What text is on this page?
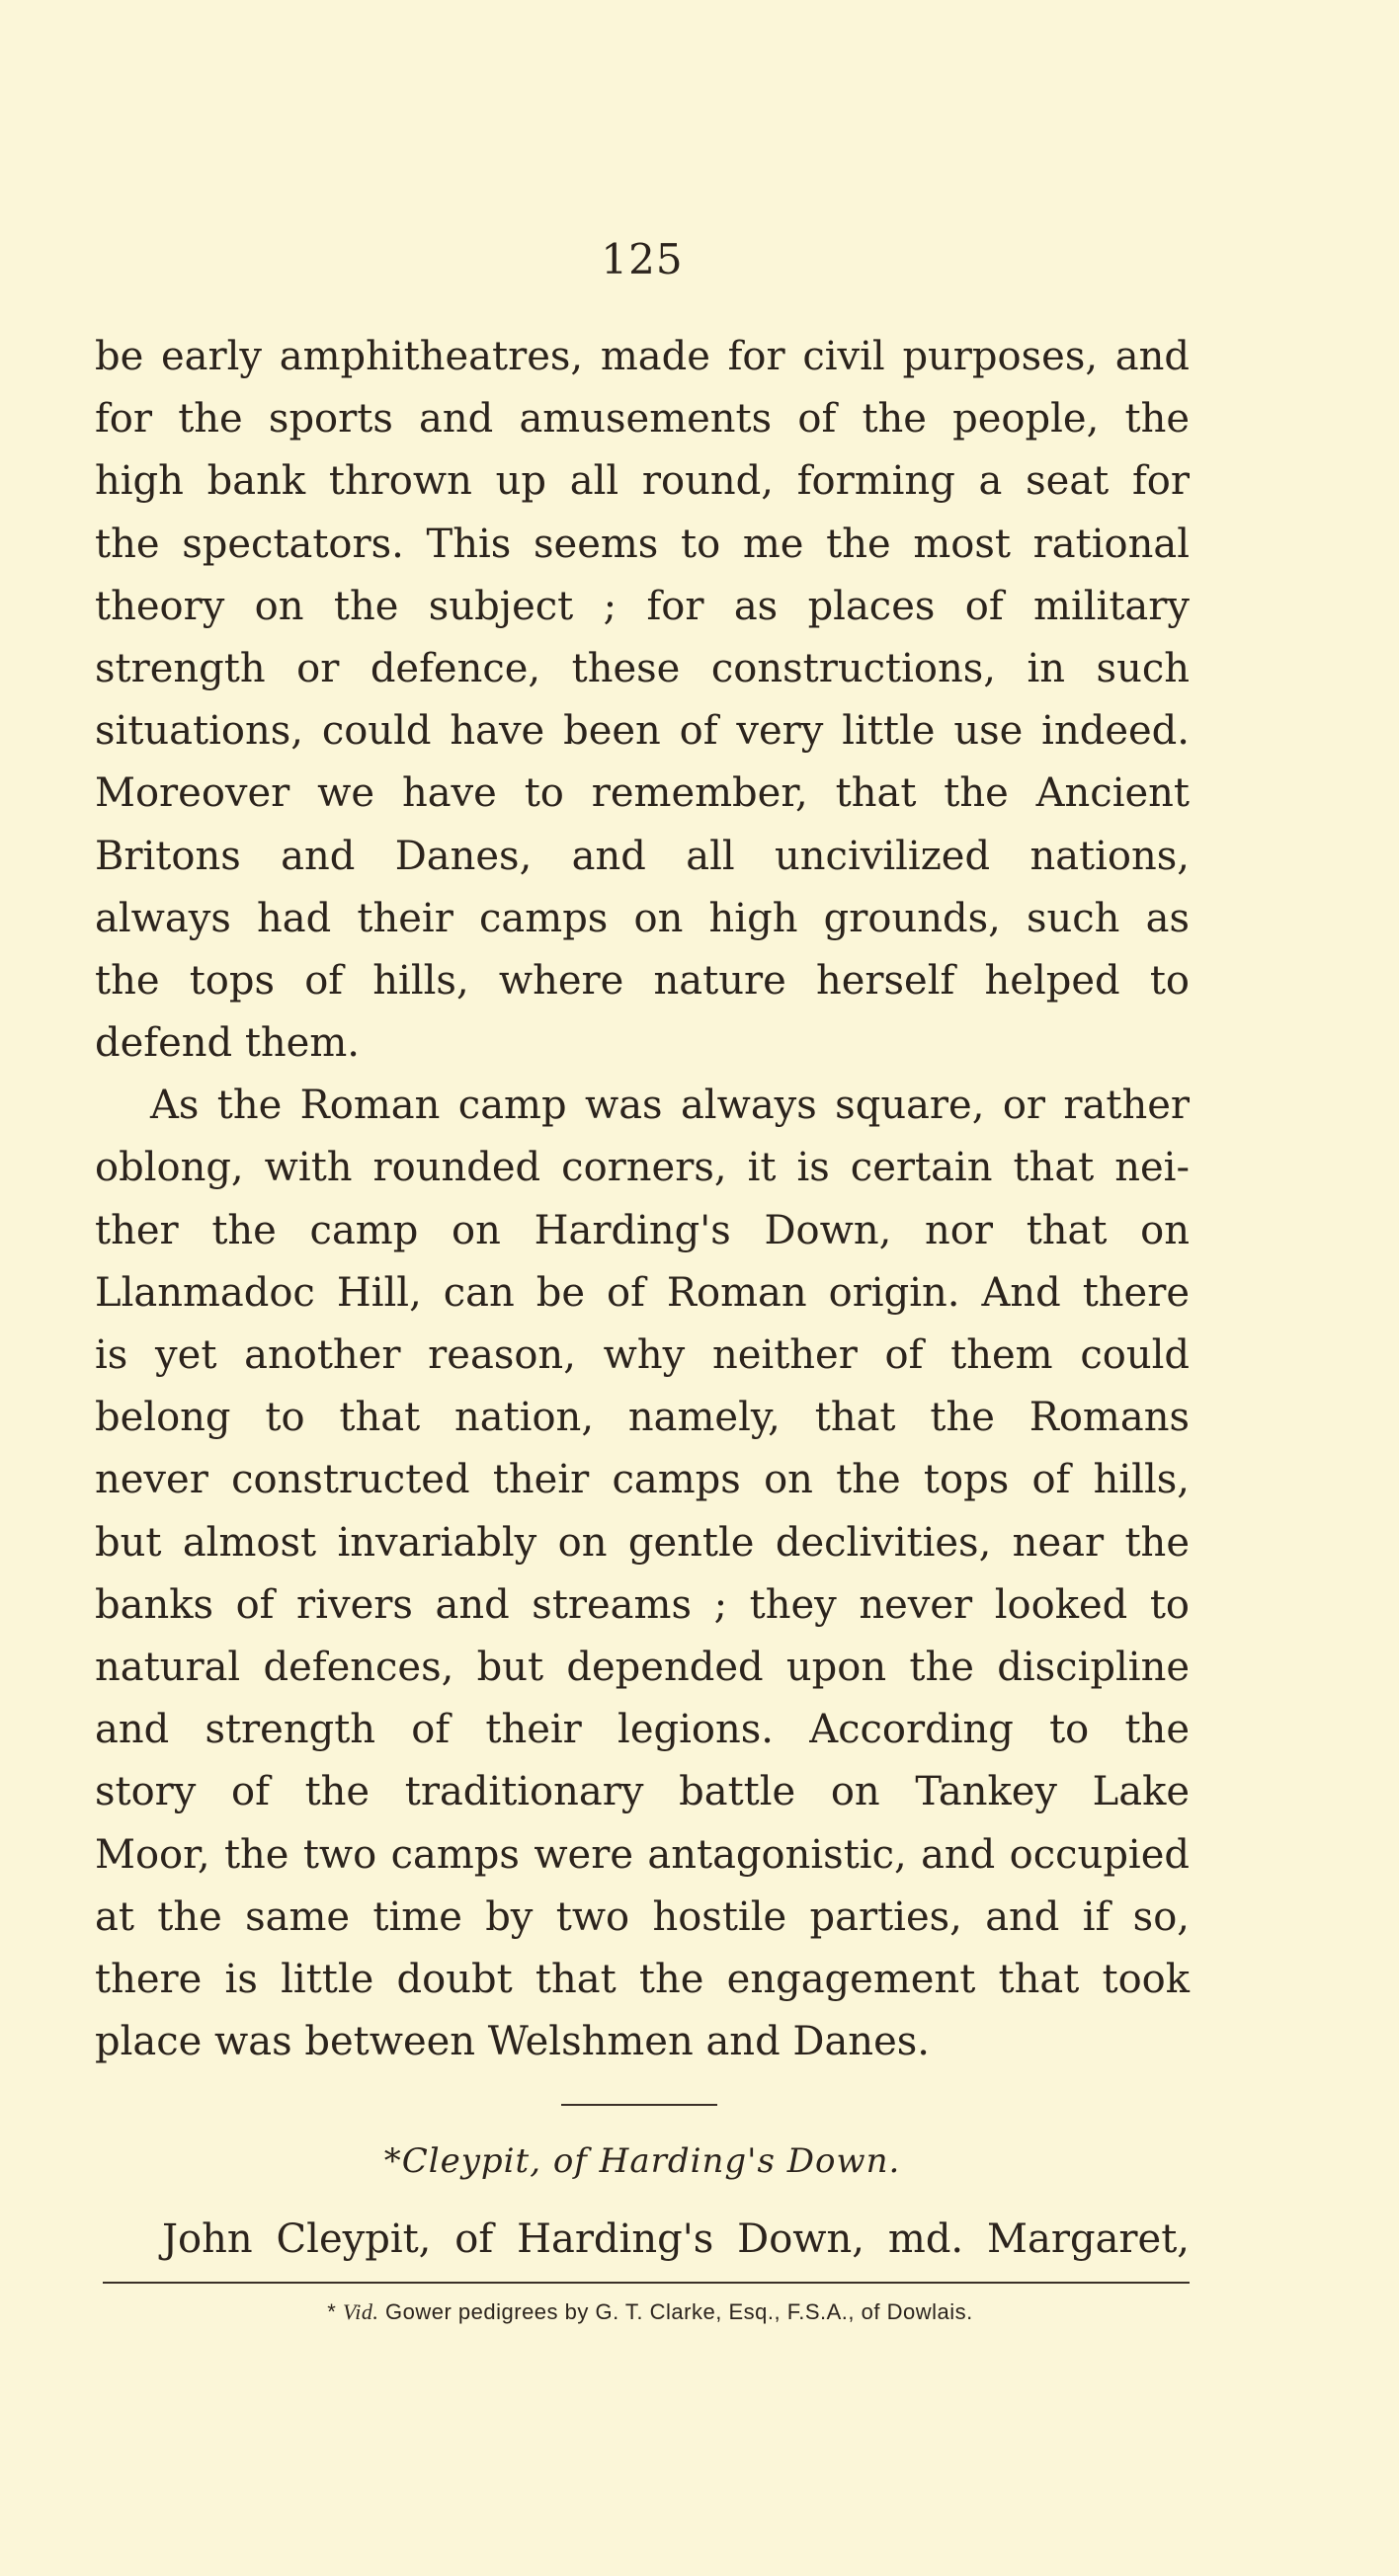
125
be early amphitheatres, made for civil purposes, and
for the sports and amusements of the people, the
high bank thrown up all round, forming a seat for
the spectators. This seems to me the most rational
theory on the subject ; for as places of military
strength or defence, these constructions, in such
situations, could have been of very little use indeed.
Moreover we have to remember, that the Ancient
Britons and Danes, and all uncivilized nations,
always had their camps on high grounds, such as
the tops of hills, where nature herself helped to
defend them.
As the Roman camp was always square, or rather
oblong, with rounded corners, it is certain that nei-
ther the camp on Harding's Down, nor that on
Llanmadoc Hill, can be of Roman origin. And there
is yet another reason, why neither of them could
belong to that nation, namely, that the Romans
never constructed their camps on the tops of hills,
but almost invariably on gentle declivities, near the
banks of rivers and streams ; they never looked to
natural defences, but depended upon the discipline
and strength of their legions. According to the
story of the traditionary battle on Tankey Lake
Moor, the two camps were antagonistic, and occupied
at the same time by two hostile parties, and if so,
there is little doubt that the engagement that took
place was between Welshmen and Danes.
*Cleypit, of Harding's Down.
John Cleypit, of Harding's Down, md. Margaret,
* Vid. Gower pedigrees by G. T. Clarke, Esq., F.S.A., of Dowlais.
